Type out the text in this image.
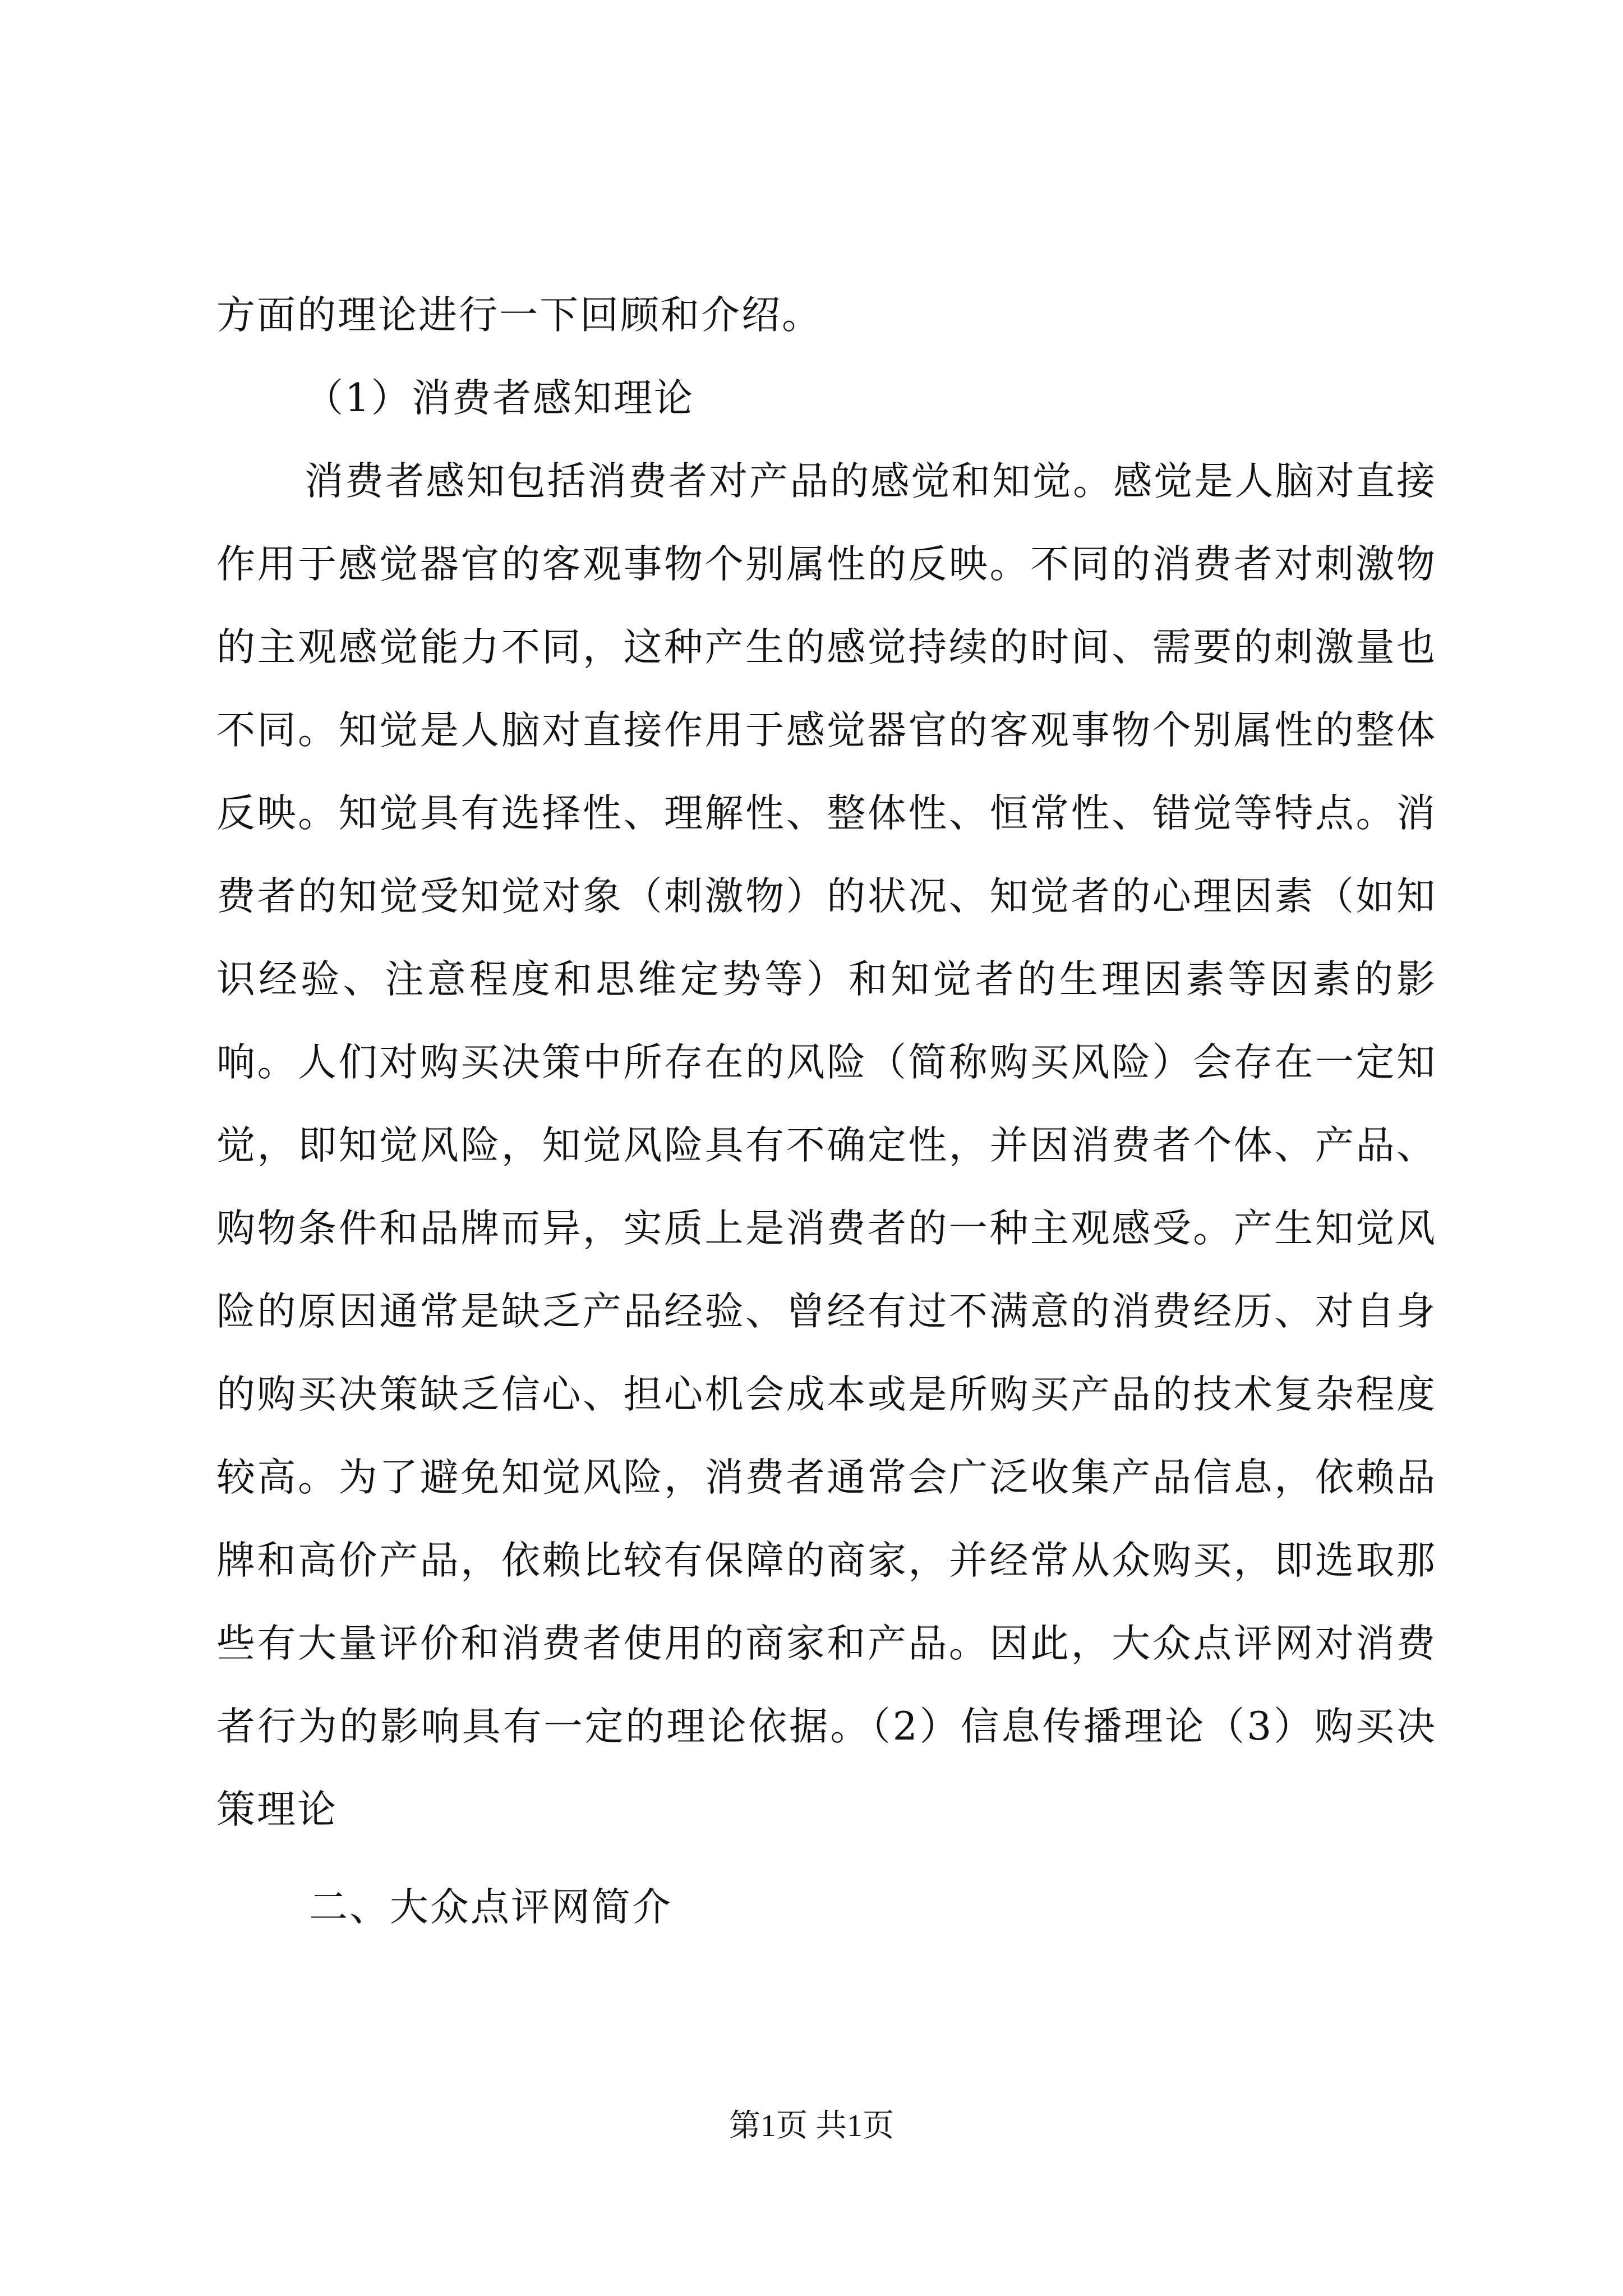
方面的理论进行一下回顾和介绍。

（1）消费者感知理论

消费者感知包括消费者对产品的感觉和知觉。感觉是人脑对直接作用于感觉器官的客观事物个别属性的反映。不同的消费者对刺激物的主观感觉能力不同，这种产生的感觉持续的时间、需要的刺激量也不同。知觉是人脑对直接作用于感觉器官的客观事物个别属性的整体反映。知觉具有选择性、理解性、整体性、恒常性、错觉等特点。消费者的知觉受知觉对象（刺激物）的状况、知觉者的心理因素（如知识经验、注意程度和思维定势等）和知觉者的生理因素等因素的影响。人们对购买决策中所存在的风险（简称购买风险）会存在一定知觉，即知觉风险，知觉风险具有不确定性，并因消费者个体、产品、购物条件和品牌而异，实质上是消费者的一种主观感受。产生知觉风险的原因通常是缺乏产品经验、曾经有过不满意的消费经历、对自身的购买决策缺乏信心、担心机会成本或是所购买产品的技术复杂程度较高。为了避免知觉风险，消费者通常会广泛收集产品信息，依赖品牌和高价产品，依赖比较有保障的商家，并经常从众购买，即选取那些有大量评价和消费者使用的商家和产品。因此，大众点评网对消费者行为的影响具有一定的理论依据。（2）信息传播理论（3）购买决策理论

二、大众点评网简介

第1页 共1页
